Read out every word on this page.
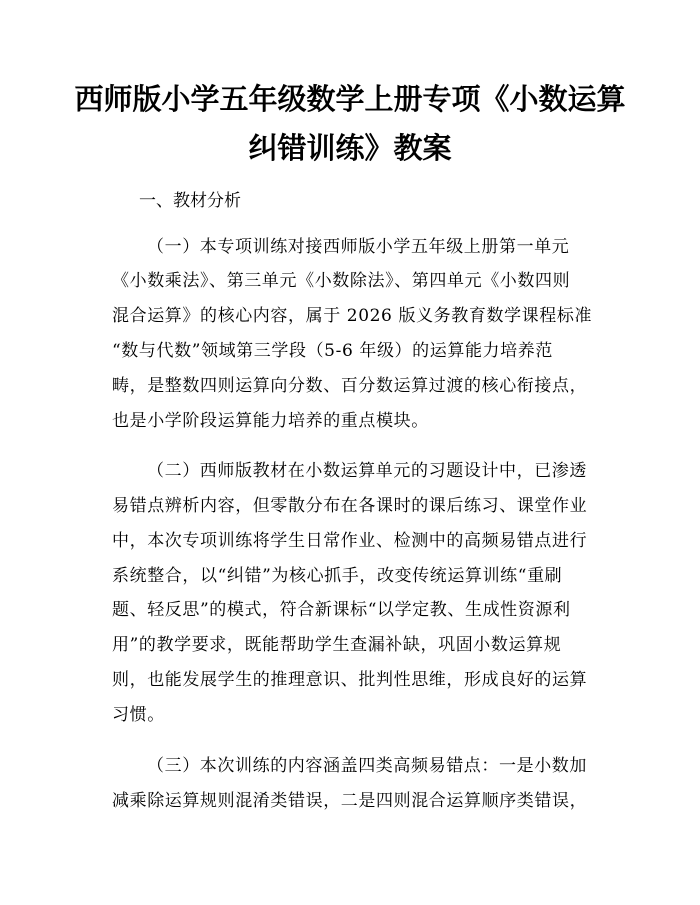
西师版小学五年级数学上册专项《小数运算
纠错训练》教案
一、教材分析
（一）本专项训练对接西师版小学五年级上册第一单元
《小数乘法》、第三单元《小数除法》、第四单元《小数四则
混合运算》的核心内容，属于 2026 版义务教育数学课程标准
“数与代数”领域第三学段（5-6 年级）的运算能力培养范
畴，是整数四则运算向分数、百分数运算过渡的核心衔接点，
也是小学阶段运算能力培养的重点模块。
（二）西师版教材在小数运算单元的习题设计中，已渗透
易错点辨析内容，但零散分布在各课时的课后练习、课堂作业
中，本次专项训练将学生日常作业、检测中的高频易错点进行
系统整合，以“纠错”为核心抓手，改变传统运算训练“重刷
题、轻反思”的模式，符合新课标“以学定教、生成性资源利
用”的教学要求，既能帮助学生查漏补缺，巩固小数运算规
则，也能发展学生的推理意识、批判性思维，形成良好的运算
习惯。
（三）本次训练的内容涵盖四类高频易错点：一是小数加
减乘除运算规则混淆类错误，二是四则混合运算顺序类错误，
